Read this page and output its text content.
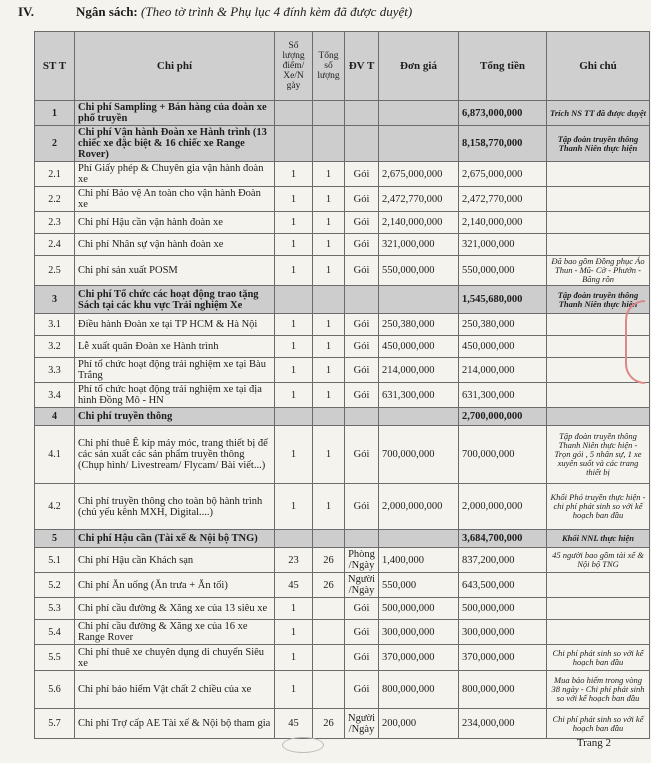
IV.	Ngân sách: (Theo tờ trình & Phụ lục 4 đính kèm đã được duyệt)
ST T	Chi phí	Số lượng điểm/ Xe/N gày	Tổng số lượng	ĐV T	Đơn giá	Tổng tiền	Ghi chú
1	Chi phí Sampling + Bán hàng của đoàn xe phố truyền					6,873,000,000	Trích NS TT đã được duyệt
2	Chi phí Vận hành Đoàn xe Hành trình (13 chiếc xe đặc biệt & 16 chiếc xe Range Rover)					8,158,770,000	Tập đoàn truyền thông Thanh Niên thực hiện
2.1	Phí Giấy phép & Chuyên gia vận hành đoàn xe	1	1	Gói	2,675,000,000	2,675,000,000	
2.2	Chi phí Bảo vệ An toàn cho vận hành Đoàn xe	1	1	Gói	2,472,770,000	2,472,770,000	
2.3	Chi phí Hậu cần vận hành đoàn xe	1	1	Gói	2,140,000,000	2,140,000,000	
2.4	Chi phí Nhân sự vận hành đoàn xe	1	1	Gói	321,000,000	321,000,000	
2.5	Chi phí sản xuất POSM	1	1	Gói	550,000,000	550,000,000	Đã bao gồm Đồng phục Áo Thun - Mũ- Cờ - Phướn - Băng rôn
3	Chi phí Tổ chức các hoạt động trao tặng Sách tại các khu vực Trải nghiệm Xe					1,545,680,000	Tập đoàn truyền thông Thanh Niên thực hiện
3.1	Điều hành Đoàn xe tại TP HCM & Hà Nội	1	1	Gói	250,380,000	250,380,000	
3.2	Lễ xuất quân Đoàn xe Hành trình	1	1	Gói	450,000,000	450,000,000	
3.3	Phí tổ chức hoạt động trải nghiệm xe tại Bàu Trắng	1	1	Gói	214,000,000	214,000,000	
3.4	Phí tổ chức hoạt động trải nghiệm xe tại địa hình Đồng Mô - HN	1	1	Gói	631,300,000	631,300,000	
4	Chi phí truyền thông					2,700,000,000	
4.1	Chi phí thuê Ê kíp máy móc, trang thiết bị để các sản xuất các sản phẩm truyền thông (Chụp hình/ Livestream/ Flycam/ Bài viết...)	1	1	Gói	700,000,000	700,000,000	Tập đoàn truyền thông Thanh Niên thực hiện - Trọn gói , 5 nhân sự, 1 xe xuyên suốt và các trang thiết bị
4.2	Chi phí truyền thông cho toàn bộ hành trình (chủ yếu kênh MXH, Digital....)	1	1	Gói	2,000,000,000	2,000,000,000	Khối Phó truyền thực hiện - chi phí phát sinh so với kế hoạch ban đầu
5	Chi phí Hậu cần (Tài xế & Nội bộ TNG)					3,684,700,000	Khối NNL thực hiện
5.1	Chi phí Hậu cần Khách sạn	23	26	Phòng /Ngày	1,400,000	837,200,000	45 người bao gồm tài xế & Nội bộ TNG
5.2	Chi phí Ăn uống (Ăn trưa + Ăn tối)	45	26	Người /Ngày	550,000	643,500,000	
5.3	Chi phí cầu đường & Xăng xe của 13 siêu xe	1		Gói	500,000,000	500,000,000	
5.4	Chi phí cầu đường & Xăng xe của 16 xe Range Rover	1		Gói	300,000,000	300,000,000	
5.5	Chi phí thuê xe chuyên dụng di chuyển Siêu xe	1		Gói	370,000,000	370,000,000	Chi phí phát sinh so với kế hoạch ban đầu
5.6	Chi phí bảo hiểm Vật chất 2 chiều của xe	1		Gói	800,000,000	800,000,000	Mua bảo hiểm trong vòng 38 ngày - Chi phí phát sinh so với kế hoạch ban đầu
5.7	Chi phí Trợ cấp AE Tài xế & Nội bộ tham gia	45	26	Người /Ngày	200,000	234,000,000	Chi phí phát sinh so với kế hoạch ban đầu
Trang 2
